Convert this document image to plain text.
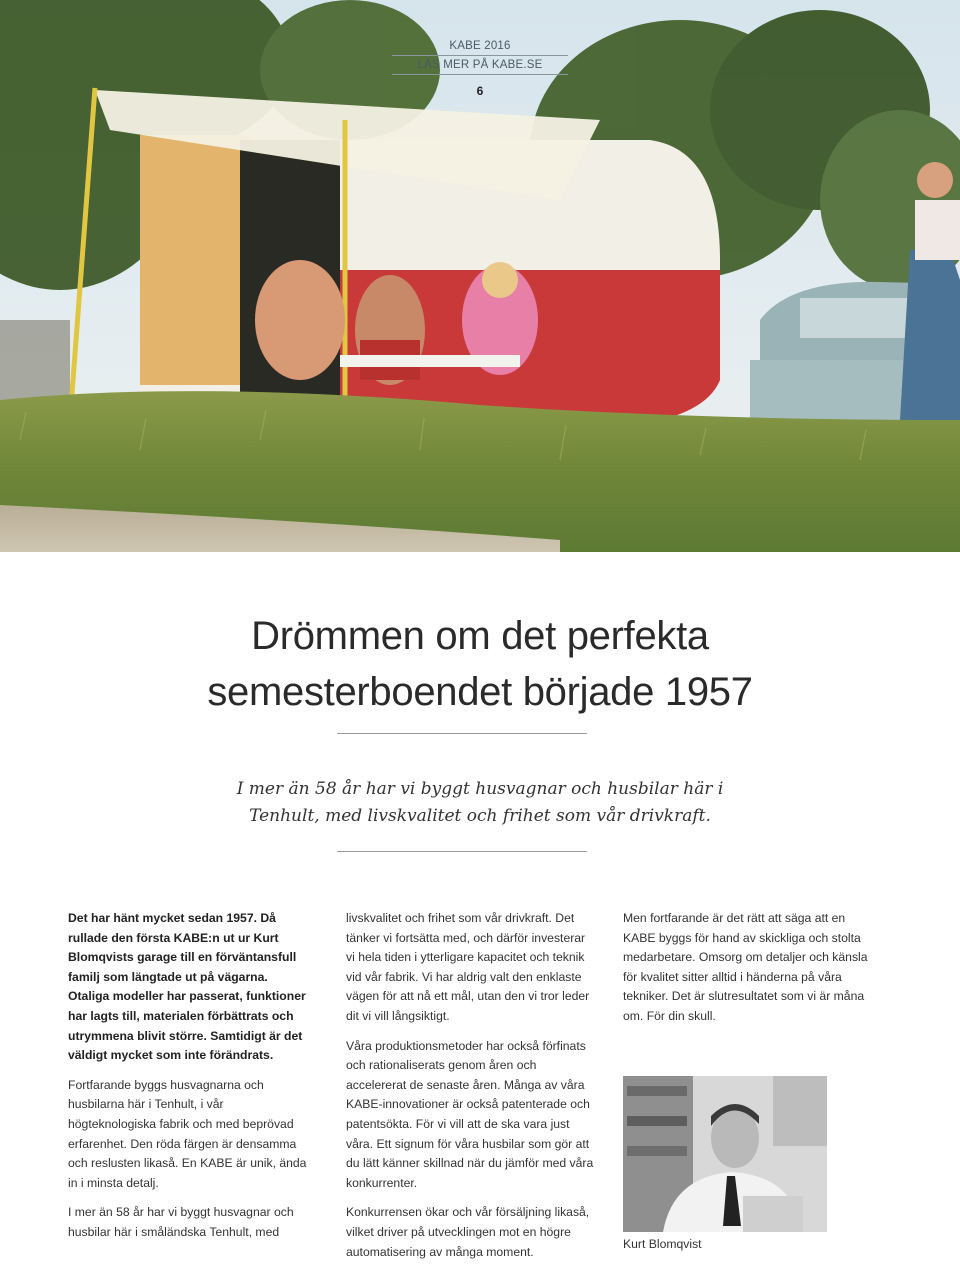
KABE 2016
LÄS MER PÅ KABE.SE
6
Drömmen om det perfekta
semesterboendet började 1957

I mer än 58 år har vi byggt husvagnar och husbilar här i
Tenhult, med livskvalitet och frihet som vår drivkraft.

Det har hänt mycket sedan 1957. Då rullade den första KABE:n ut ur Kurt Blomqvists garage till en förväntansfull familj som längtade ut på vägarna. Otaliga modeller har passerat, funktioner har lagts till, materialen förbättrats och utrymmena blivit större. Samtidigt är det väldigt mycket som inte förändrats.

Fortfarande byggs husvagnarna och husbilarna här i Tenhult, i vår högteknologiska fabrik och med beprövad erfarenhet. Den röda färgen är densamma och reslusten likaså. En KABE är unik, ända in i minsta detalj.

I mer än 58 år har vi byggt husvagnar och husbilar här i småländska Tenhult, med

livskvalitet och frihet som vår drivkraft. Det tänker vi fortsätta med, och därför investerar vi hela tiden i ytterligare kapacitet och teknik vid vår fabrik. Vi har aldrig valt den enklaste vägen för att nå ett mål, utan den vi tror leder dit vi vill långsiktigt.

Våra produktionsmetoder har också förfinats och rationaliserats genom åren och accelererat de senaste åren. Många av våra KABE-innovationer är också patenterade och patentsökta. För vi vill att de ska vara just våra. Ett signum för våra husbilar som gör att du lätt känner skillnad när du jämför med våra konkurrenter.

Konkurrensen ökar och vår försäljning likaså, vilket driver på utvecklingen mot en högre automatisering av många moment.

Men fortfarande är det rätt att säga att en KABE byggs för hand av skickliga och stolta medarbetare. Omsorg om detaljer och känsla för kvalitet sitter alltid i händerna på våra tekniker. Det är slutresultatet som vi är måna om. För din skull.

Kurt Blomqvist
